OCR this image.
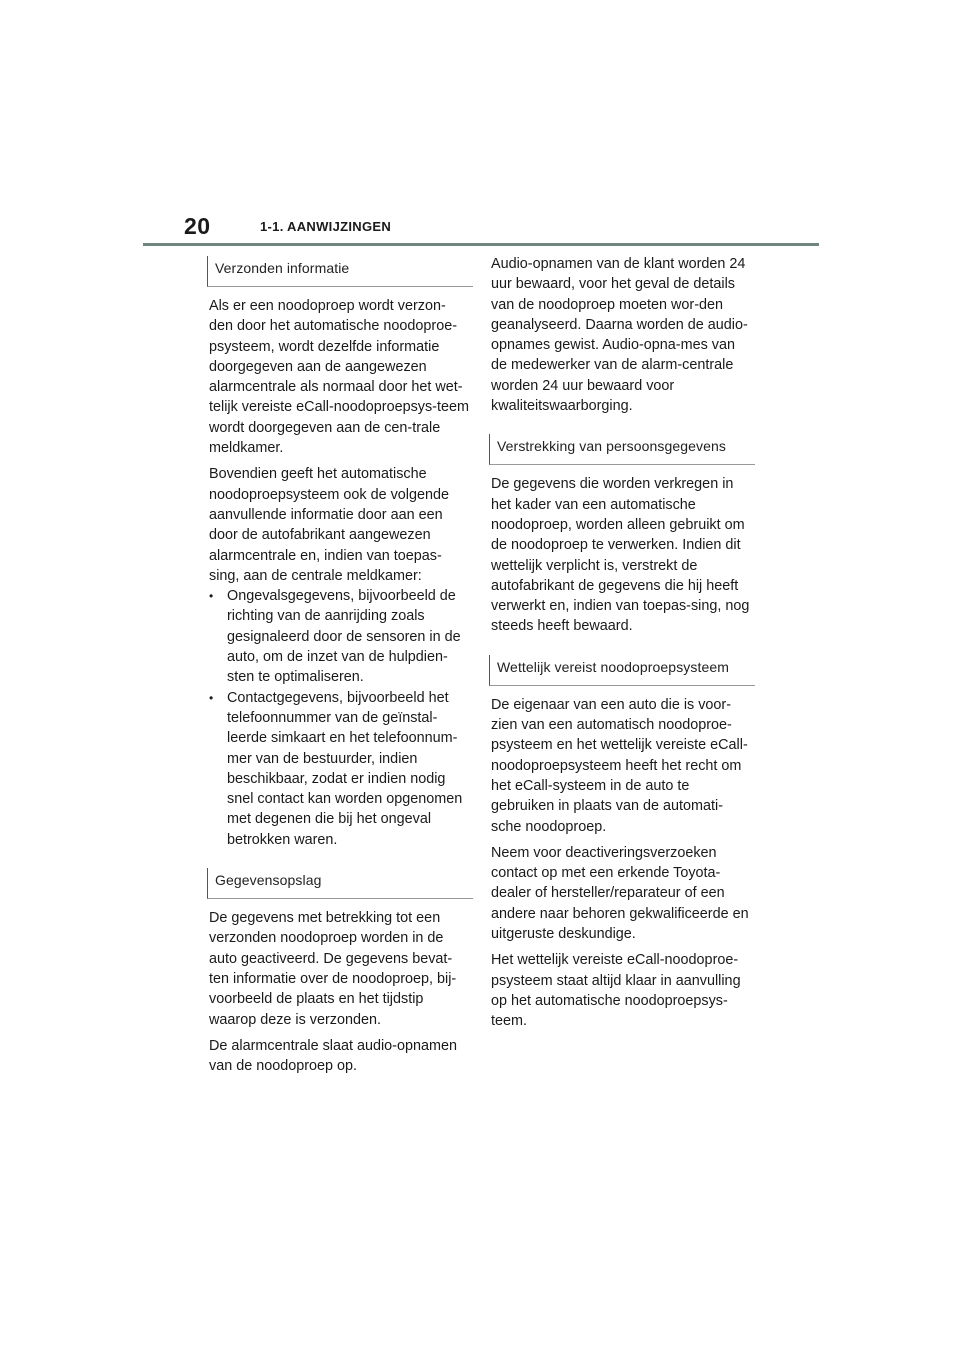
20	1-1. AANWIJZINGEN
Verzonden informatie

Als er een noodoproep wordt verzon-den door het automatische noodoproe-psysteem, wordt dezelfde informatie doorgegeven aan de aangewezen alarmcentrale als normaal door het wet-telijk vereiste eCall-noodoproepsys-teem wordt doorgegeven aan de cen-trale meldkamer.

Bovendien geeft het automatische noodoproepsysteem ook de volgende aanvullende informatie door aan een door de autofabrikant aangewezen alarmcentrale en, indien van toepas-sing, aan de centrale meldkamer:

• Ongevalsgegevens, bijvoorbeeld de richting van de aanrijding zoals gesignaleerd door de sensoren in de auto, om de inzet van de hulpdien-sten te optimaliseren.
• Contactgegevens, bijvoorbeeld het telefoonnummer van de geïnstal-leerde simkaart en het telefoonnum-mer van de bestuurder, indien beschikbaar, zodat er indien nodig snel contact kan worden opgenomen met degenen die bij het ongeval betrokken waren.
Gegevensopslag

De gegevens met betrekking tot een verzonden noodoproep worden in de auto geactiveerd. De gegevens bevat-ten informatie over de noodoproep, bij-voorbeeld de plaats en het tijdstip waarop deze is verzonden.

De alarmcentrale slaat audio-opnamen van de noodoproep op.

Audio-opnamen van de klant worden 24 uur bewaard, voor het geval de details van de noodoproep moeten wor-den geanalyseerd. Daarna worden de audio-opnames gewist. Audio-opna-mes van de medewerker van de alarm-centrale worden 24 uur bewaard voor kwaliteitswaarborging.

Verstrekking van persoonsgegevens

De gegevens die worden verkregen in het kader van een automatische noodoproep, worden alleen gebruikt om de noodoproep te verwerken. Indien dit wettelijk verplicht is, verstrekt de autofabrikant de gegevens die hij heeft verwerkt en, indien van toepas-sing, nog steeds heeft bewaard.

Wettelijk vereist noodoproepsysteem

De eigenaar van een auto die is voor-zien van een automatisch noodoproe-psysteem en het wettelijk vereiste eCall-noodoproepsysteem heeft het recht om het eCall-systeem in de auto te gebruiken in plaats van de automati-sche noodoproep.

Neem voor deactiveringsverzoeken contact op met een erkende Toyota-dealer of hersteller/reparateur of een andere naar behoren gekwalificeerde en uitgeruste deskundige.

Het wettelijk vereiste eCall-noodoproe-psysteem staat altijd klaar in aanvulling op het automatische noodoproepsys-teem.
